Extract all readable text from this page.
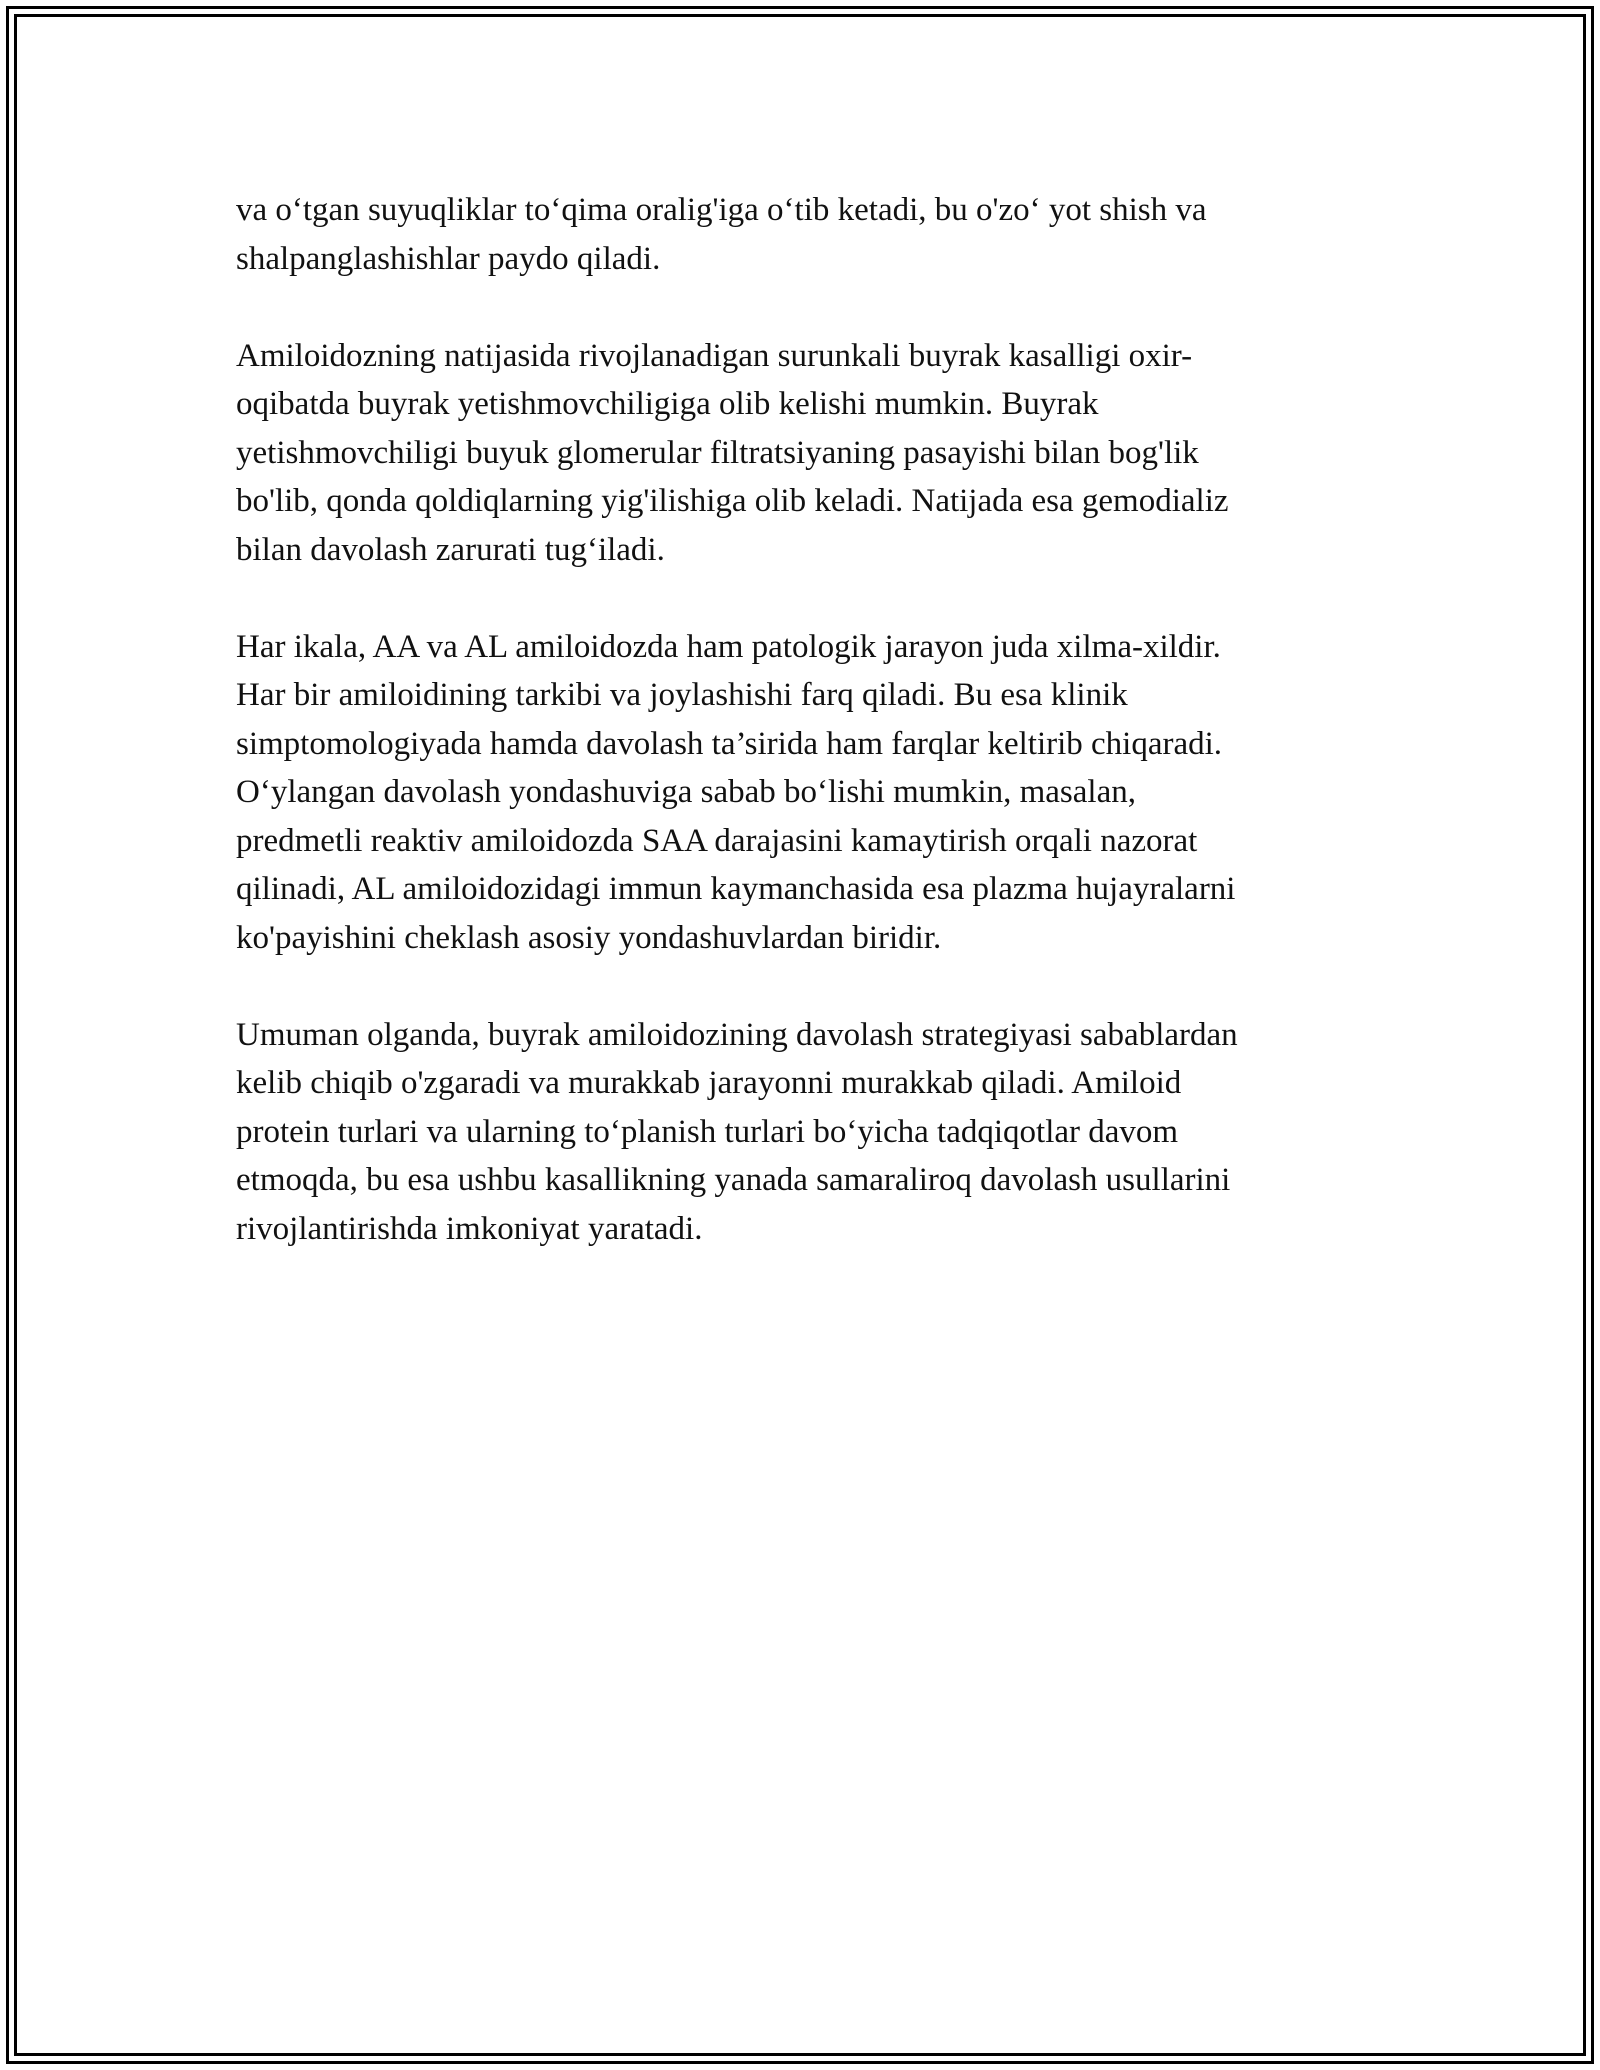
va o‘tgan suyuqliklar to‘qima oralig'iga o‘tib ketadi, bu o'zo‘ yot shish va
shalpanglashishlar paydo qiladi.

Amiloidozning natijasida rivojlanadigan surunkali buyrak kasalligi oxir-
oqibatda buyrak yetishmovchiligiga olib kelishi mumkin. Buyrak
yetishmovchiligi buyuk glomerular filtratsiyaning pasayishi bilan bog'lik
bo'lib, qonda qoldiqlarning yig'ilishiga olib keladi. Natijada esa gemodializ
bilan davolash zarurati tug‘iladi.

Har ikala, AA va AL amiloidozda ham patologik jarayon juda xilma-xildir.
Har bir amiloidining tarkibi va joylashishi farq qiladi. Bu esa klinik
simptomologiyada hamda davolash ta’sirida ham farqlar keltirib chiqaradi.
O‘ylangan davolash yondashuviga sabab bo‘lishi mumkin, masalan,
predmetli reaktiv amiloidozda SAA darajasini kamaytirish orqali nazorat
qilinadi, AL amiloidozidagi immun kaymanchasida esa plazma hujayralarni
ko'payishini cheklash asosiy yondashuvlardan biridir.

Umuman olganda, buyrak amiloidozining davolash strategiyasi sabablardan
kelib chiqib o'zgaradi va murakkab jarayonni murakkab qiladi. Amiloid
protein turlari va ularning to‘planish turlari bo‘yicha tadqiqotlar davom
etmoqda, bu esa ushbu kasallikning yanada samaraliroq davolash usullarini
rivojlantirishda imkoniyat yaratadi.
